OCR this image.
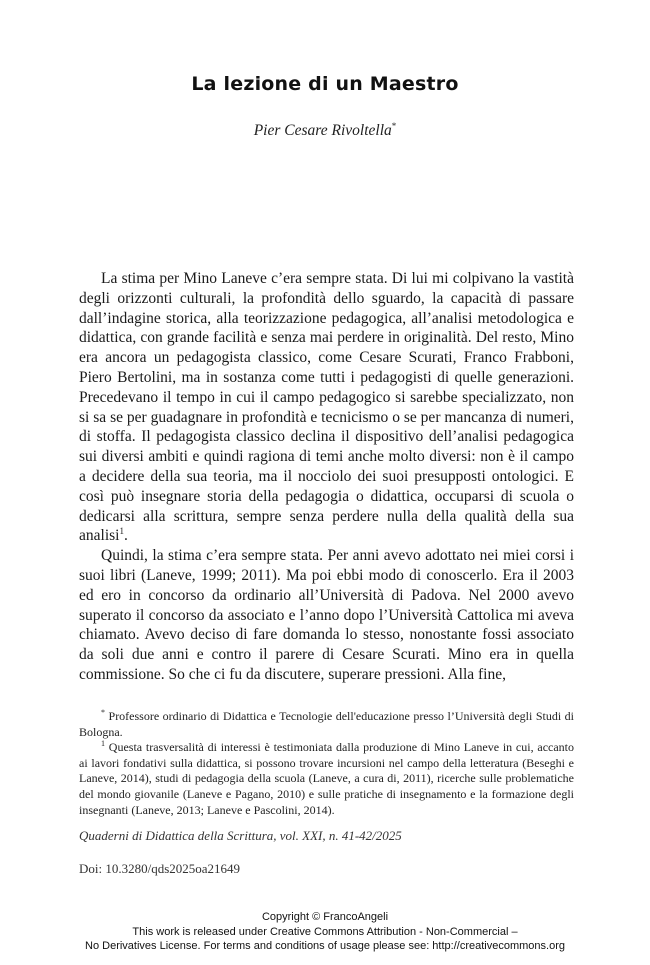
La lezione di un Maestro
Pier Cesare Rivoltella*

La stima per Mino Laneve c’era sempre stata. Di lui mi colpivano la vastità degli orizzonti culturali, la profondità dello sguardo, la capacità di passare dall’indagine storica, alla teorizzazione pedagogica, all’analisi metodologica e didattica, con grande facilità e senza mai perdere in originalità. Del resto, Mino era ancora un pedagogista classico, come Cesare Scurati, Franco Frabboni, Piero Bertolini, ma in sostanza come tutti i pedagogisti di quelle generazioni. Precedevano il tempo in cui il campo pedagogico si sarebbe specializzato, non si sa se per guadagnare in profondità e tecnicismo o se per mancanza di numeri, di stoffa. Il pedagogista classico declina il dispositivo dell’analisi pedagogica sui diversi ambiti e quindi ragiona di temi anche molto diversi: non è il campo a decidere della sua teoria, ma il nocciolo dei suoi presupposti ontologici. E così può insegnare storia della pedagogia o didattica, occuparsi di scuola o dedicarsi alla scrittura, sempre senza perdere nulla della qualità della sua analisi$^1$.

Quindi, la stima c’era sempre stata. Per anni avevo adottato nei miei corsi i suoi libri (Laneve, 1999; 2011). Ma poi ebbi modo di conoscerlo. Era il 2003 ed ero in concorso da ordinario all’Università di Padova. Nel 2000 avevo superato il concorso da associato e l’anno dopo l’Università Cattolica mi aveva chiamato. Avevo deciso di fare domanda lo stesso, nonostante fossi associato da soli due anni e contro il parere di Cesare Scurati. Mino era in quella commissione. So che ci fu da discutere, superare pressioni. Alla fine,

* Professore ordinario di Didattica e Tecnologie dell'educazione presso l’Università degli Studi di Bologna.

$^1$ Questa trasversalità di interessi è testimoniata dalla produzione di Mino Laneve in cui, accanto ai lavori fondativi sulla didattica, si possono trovare incursioni nel campo della letteratura (Beseghi e Laneve, 2014), studi di pedagogia della scuola (Laneve, a cura di, 2011), ricerche sulle problematiche del mondo giovanile (Laneve e Pagano, 2010) e sulle pratiche di insegnamento e la formazione degli insegnanti (Laneve, 2013; Laneve e Pascolini, 2014).

Quaderni di Didattica della Scrittura, vol. XXI, n. 41-42/2025
Doi: 10.3280/qds2025oa21649
Copyright © FrancoAngeli
This work is released under Creative Commons Attribution - Non-Commercial –
No Derivatives License. For terms and conditions of usage please see: http://creativecommons.org
